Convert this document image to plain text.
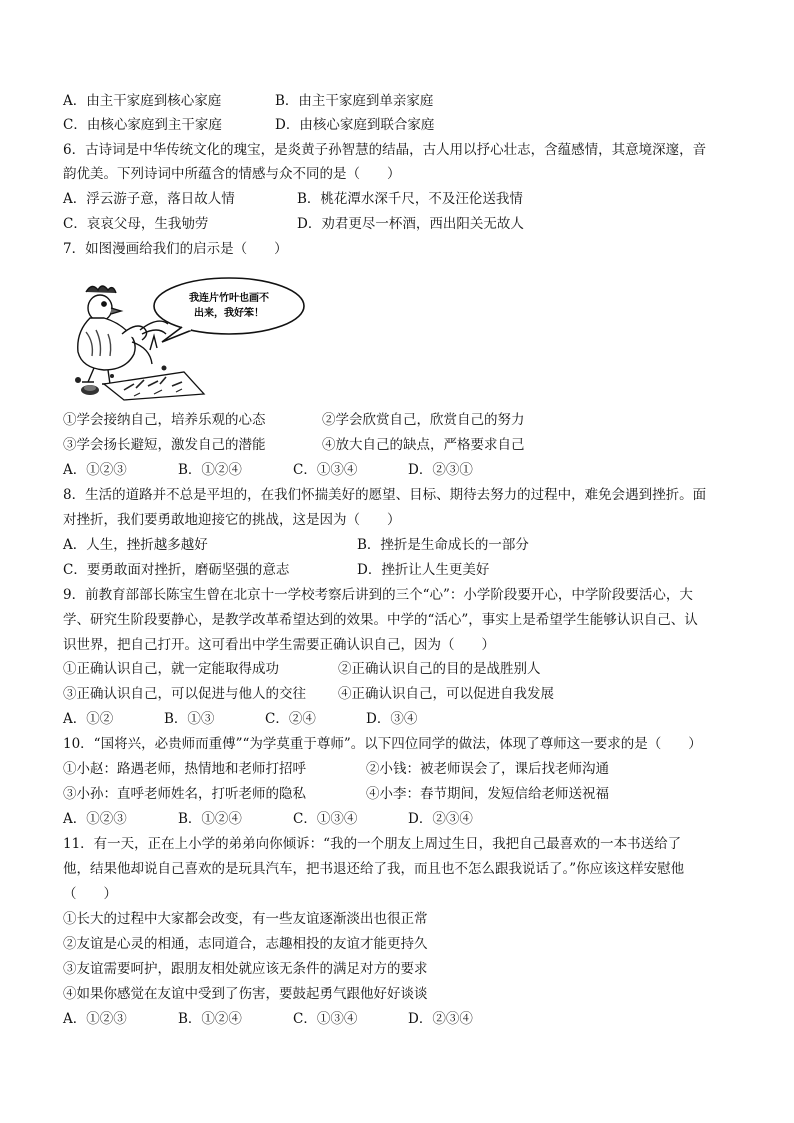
A．由主干家庭到核心家庭	B．由主干家庭到单亲家庭
C．由核心家庭到主干家庭	D．由核心家庭到联合家庭
6．古诗词是中华传统文化的瑰宝，是炎黄子孙智慧的结晶，古人用以抒心壮志，含蕴感情，其意境深邃，音
韵优美。下列诗词中所蕴含的情感与众不同的是（　　）
A．浮云游子意，落日故人情	B．桃花潭水深千尺，不及汪伦送我情
C．哀哀父母，生我劬劳	D．劝君更尽一杯酒，西出阳关无故人
7．如图漫画给我们的启示是（　　）
我连片竹叶也画不
出来，我好笨！
①学会接纳自己，培养乐观的心态	②学会欣赏自己，欣赏自己的努力
③学会扬长避短，激发自己的潜能	④放大自己的缺点，严格要求自己
A．①②③	B．①②④	C．①③④	D．②③①
8．生活的道路并不总是平坦的，在我们怀揣美好的愿望、目标、期待去努力的过程中，难免会遇到挫折。面
对挫折，我们要勇敢地迎接它的挑战，这是因为（　　）
A．人生，挫折越多越好	B．挫折是生命成长的一部分
C．要勇敢面对挫折，磨砺坚强的意志	D．挫折让人生更美好
9．前教育部部长陈宝生曾在北京十一学校考察后讲到的三个“心”：小学阶段要开心，中学阶段要活心，大
学、研究生阶段要静心，是教学改革希望达到的效果。中学的“活心”，事实上是希望学生能够认识自己、认
识世界，把自己打开。这可看出中学生需要正确认识自己，因为（　　）
①正确认识自己，就一定能取得成功	②正确认识自己的目的是战胜别人
③正确认识自己，可以促进与他人的交往 ④正确认识自己，可以促进自我发展
A．①②	B．①③	C．②④	D．③④
10．“国将兴，必贵师而重傅”“为学莫重于尊师”。以下四位同学的做法，体现了尊师这一要求的是（　　）
①小赵：路遇老师，热情地和老师打招呼	②小钱：被老师误会了，课后找老师沟通
③小孙：直呼老师姓名，打听老师的隐私	④小李：春节期间，发短信给老师送祝福
A．①②③	B．①②④	C．①③④	D．②③④
11．有一天，正在上小学的弟弟向你倾诉：“我的一个朋友上周过生日，我把自己最喜欢的一本书送给了
他，结果他却说自己喜欢的是玩具汽车，把书退还给了我，而且也不怎么跟我说话了。”你应该这样安慰他
（　　）
①长大的过程中大家都会改变，有一些友谊逐渐淡出也很正常
②友谊是心灵的相通，志同道合，志趣相投的友谊才能更持久
③友谊需要呵护，跟朋友相处就应该无条件的满足对方的要求
④如果你感觉在友谊中受到了伤害，要鼓起勇气跟他好好谈谈
A．①②③	B．①②④	C．①③④	D．②③④
